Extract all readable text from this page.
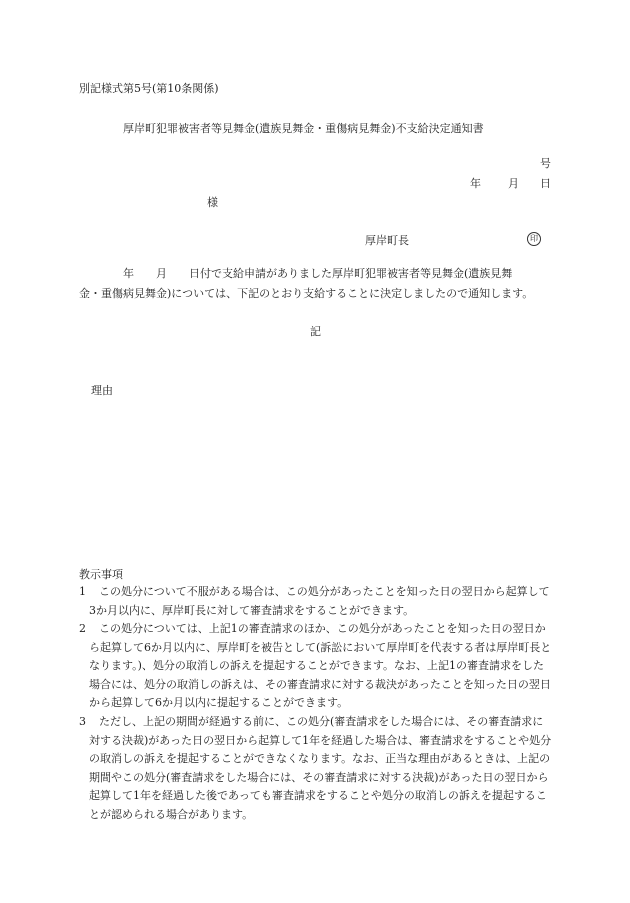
別記様式第5号(第10条関係)
厚岸町犯罪被害者等見舞金(遺族見舞金・重傷病見舞金)不支給決定通知書
号
年 月 日
様
厚岸町長	印
年　　月　　日付で支給申請がありました厚岸町犯罪被害者等見舞金(遺族見舞
金・重傷病見舞金)については、下記のとおり支給することに決定しましたので通知します。
記
理由
教示事項
1	この処分について不服がある場合は、この処分があったことを知った日の翌日から起算して3か月以内に、厚岸町長に対して審査請求をすることができます。
2	この処分については、上記1の審査請求のほか、この処分があったことを知った日の翌日から起算して6か月以内に、厚岸町を被告として(訴訟において厚岸町を代表する者は厚岸町長となります。)、処分の取消しの訴えを提起することができます。なお、上記1の審査請求をした場合には、処分の取消しの訴えは、その審査請求に対する裁決があったことを知った日の翌日から起算して6か月以内に提起することができます。
3	ただし、上記の期間が経過する前に、この処分(審査請求をした場合には、その審査請求に対する決裁)があった日の翌日から起算して1年を経過した場合は、審査請求をすることや処分の取消しの訴えを提起することができなくなります。なお、正当な理由があるときは、上記の期間やこの処分(審査請求をした場合には、その審査請求に対する決裁)があった日の翌日から起算して1年を経過した後であっても審査請求をすることや処分の取消しの訴えを提起することが認められる場合があります。
